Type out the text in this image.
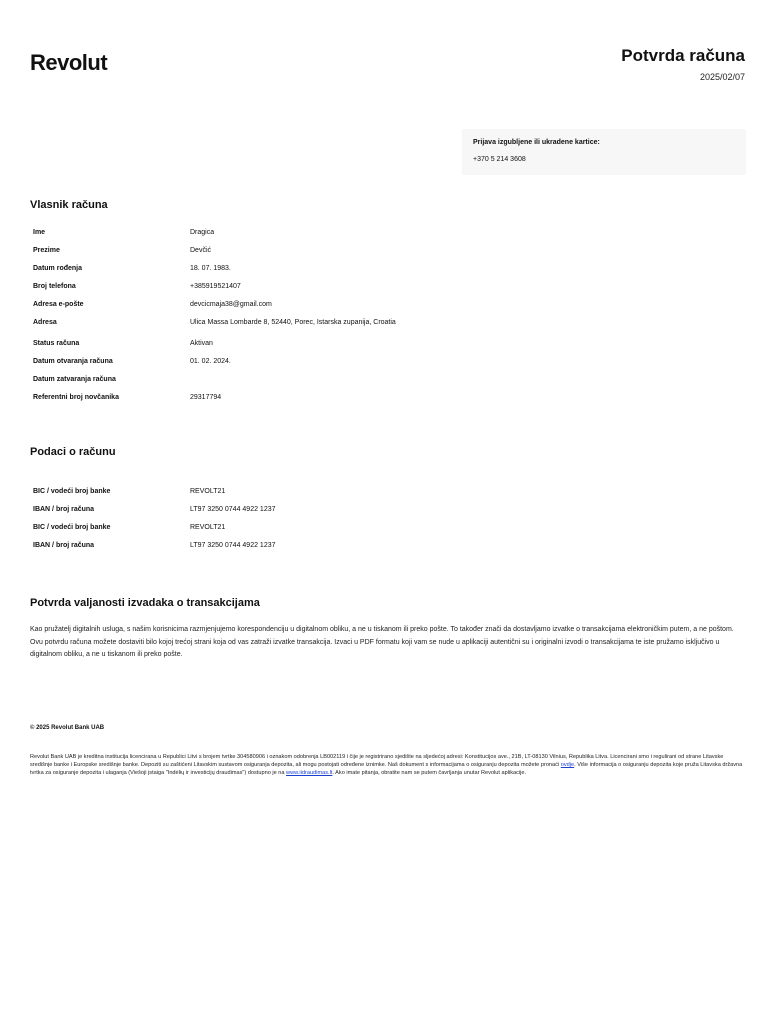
Revolut	Potvrda računa
2025/02/07
Prijava izgubljene ili ukradene kartice:
+370 5 214 3608
Vlasnik računa
Ime	Dragica
Prezime	Devčić
Datum rođenja	18. 07. 1983.
Broj telefona	+385919521407
Adresa e-pošte	devcicmaja38@gmail.com
Adresa	Ulica Massa Lombarde 8, 52440, Porec, Istarska zupanija, Croatia
Status računa	Aktivan
Datum otvaranja računa	01. 02. 2024.
Datum zatvaranja računa
Referentni broj novčanika	29317794
Podaci o računu
BIC / vodeći broj banke	REVOLT21
IBAN / broj računa	LT97 3250 0744 4922 1237
BIC / vodeći broj banke	REVOLT21
IBAN / broj računa	LT97 3250 0744 4922 1237
Potvrda valjanosti izvadaka o transakcijama
Kao pružatelj digitalnih usluga, s našim korisnicima razmjenjujemo korespondenciju u digitalnom obliku, a ne u tiskanom ili preko pošte. To također znači da dostavljamo izvatke o transakcijama elektroničkim putem, a ne poštom. Ovu potvrdu računa možete dostaviti bilo kojoj trećoj strani koja od vas zatraži izvatke transakcija. Izvaci u PDF formatu koji vam se nude u aplikaciji autentični su i originalni izvodi o transakcijama te iste pružamo isključivo u digitalnom obliku, a ne u tiskanom ili preko pošte.
© 2025 Revolut Bank UAB
Revolut Bank UAB je kreditna institucija licencirana u Republici Litvi s brojem tvrtke 304580906 i oznakom odobrenja LB002119 i čije je registrirano sjedište na sljedećoj adresi: Konstitucijos ave., 21B, LT-08130 Vilnius, Republika Litva. Licencirani smo i regulirani od strane Litavske središnje banke i Europske središnje banke. Depoziti su zaštićeni Litavskim sustavom osiguranja depozita, ali mogu postojati određene iznimke. Naš dokument s informacijama o osiguranju depozita možete pronaći ovdje. Više informacija o osiguranju depozita koje pruža Litavska državna tvrtka za osiguranje depozita i ulaganja (Viešoji įstaiga "Indėlių ir investicijų draudimas") dostupno je na www.iidraudimas.lt. Ako imate pitanja, obratite nam se putem čavrljanja unutar Revolut aplikacije.
